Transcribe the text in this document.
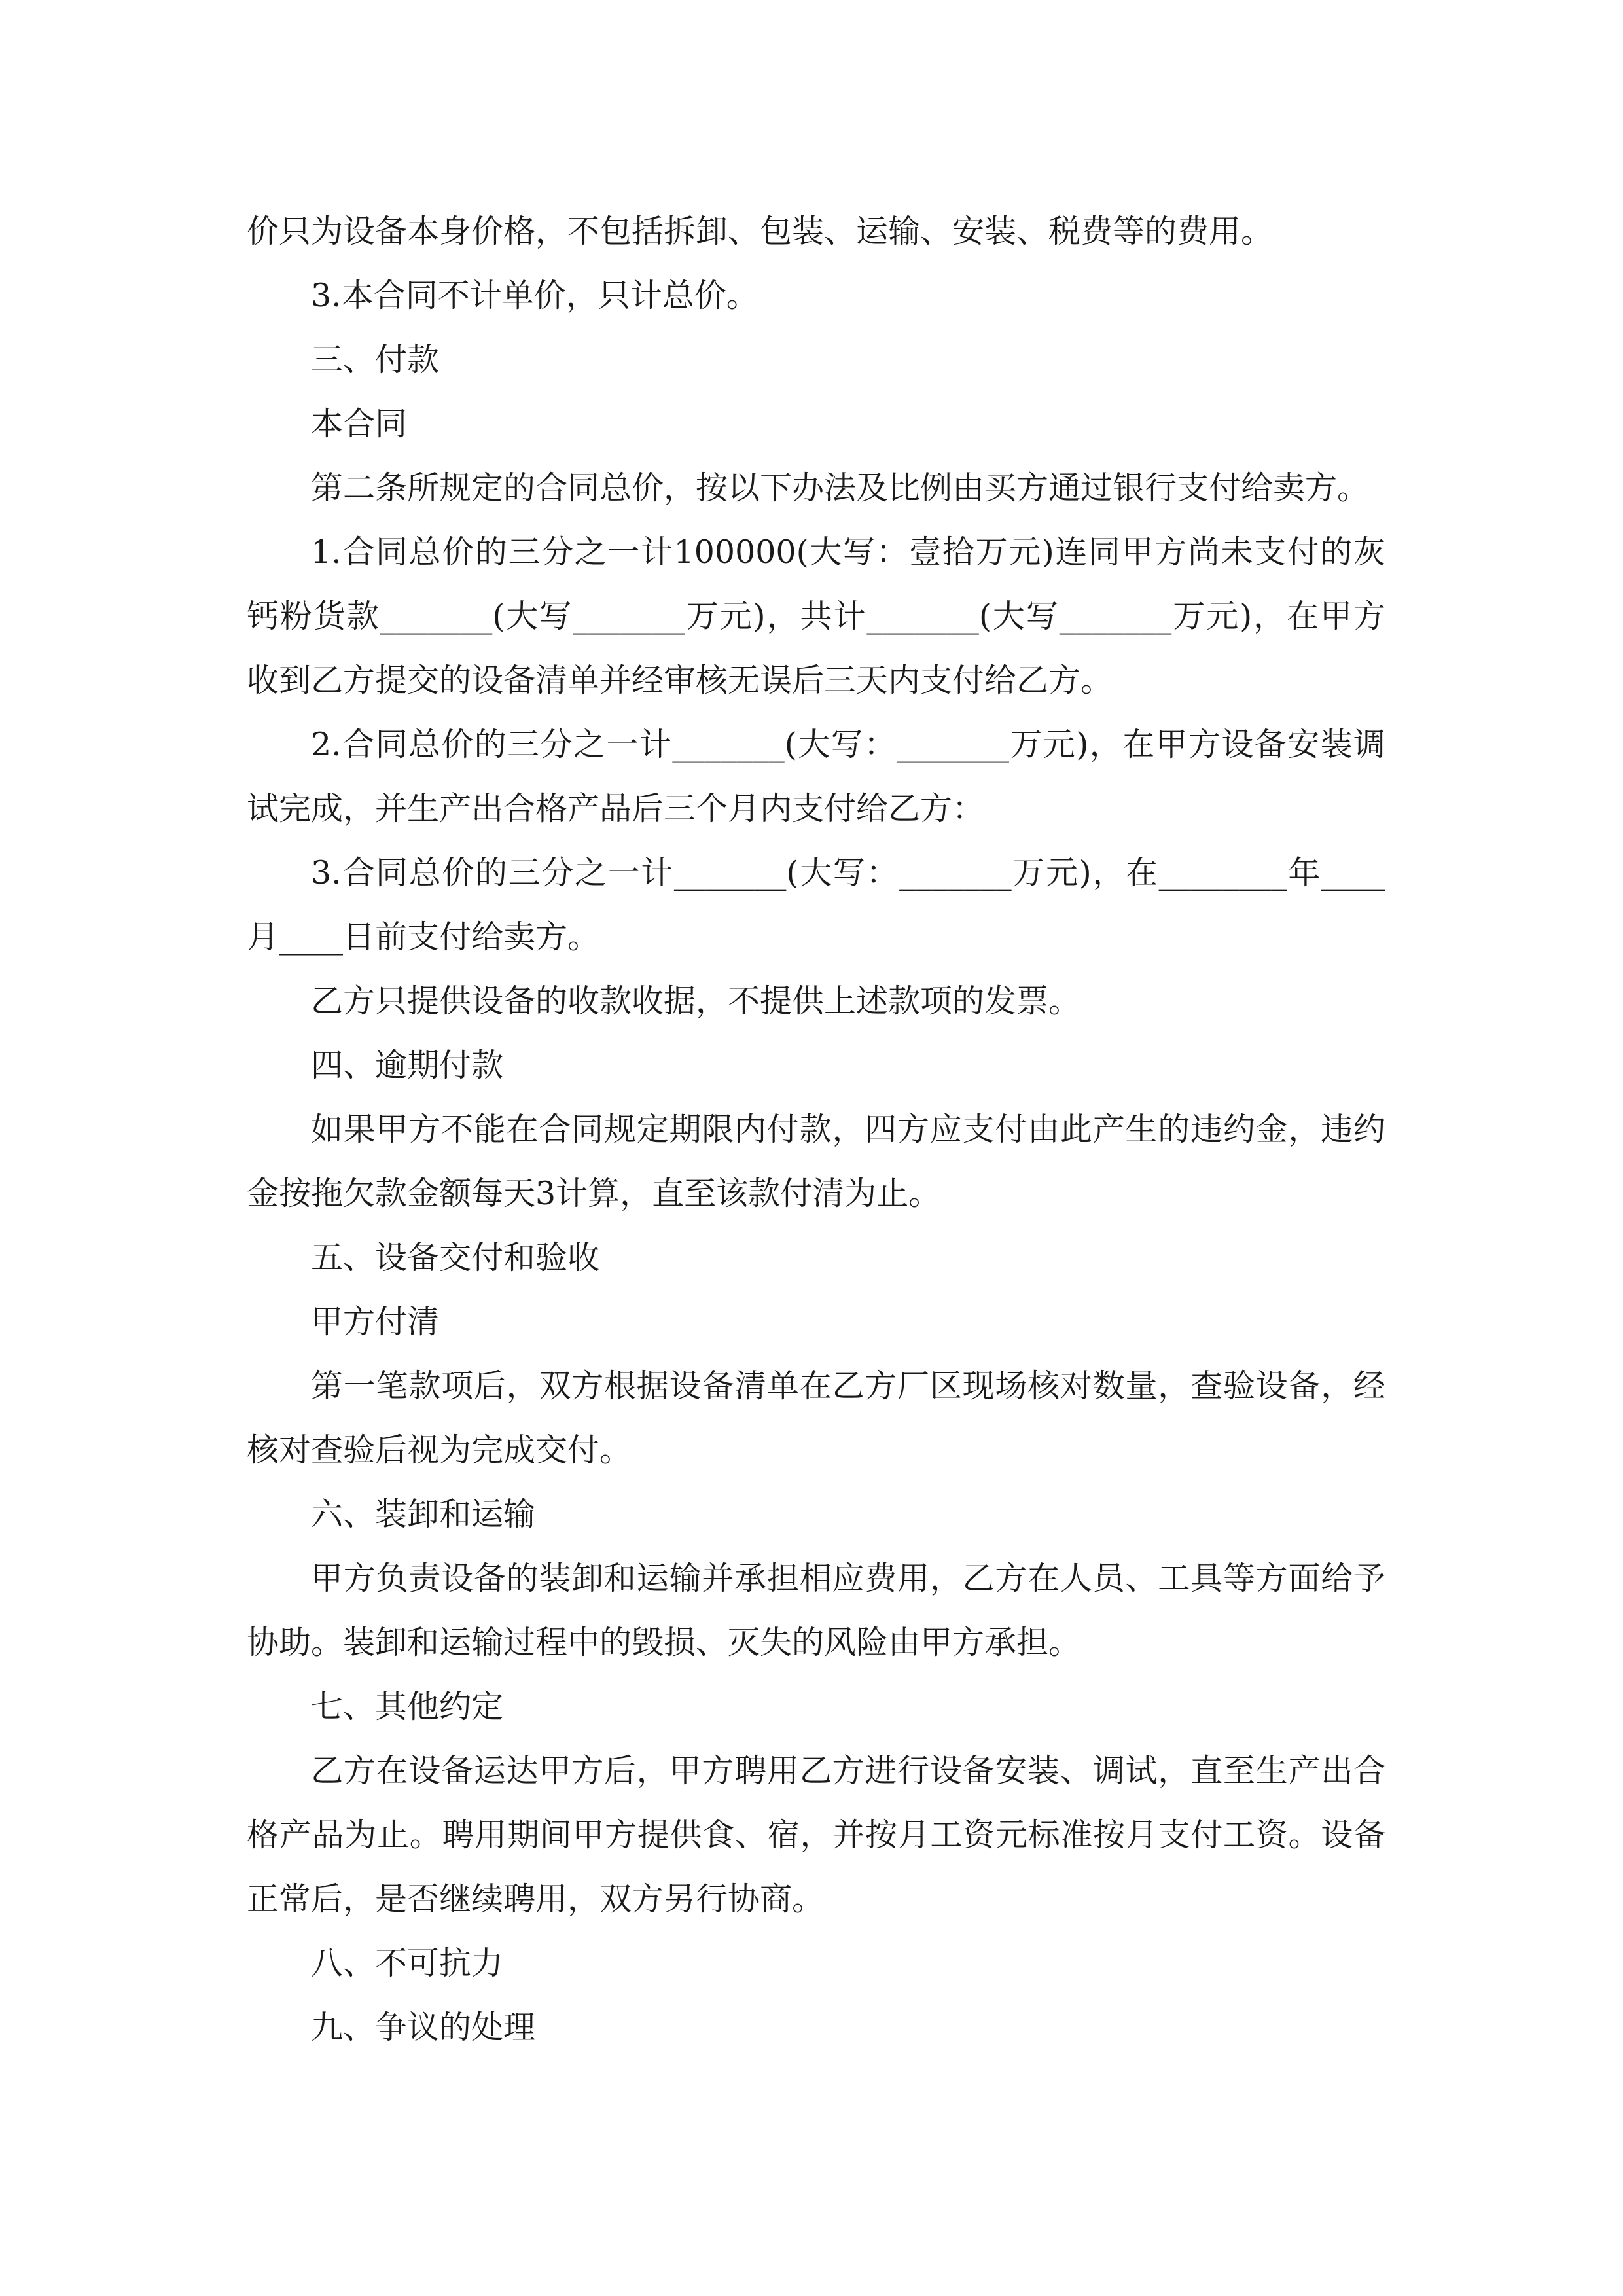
价只为设备本身价格，不包括拆卸、包装、运输、安装、税费等的费用。

3.本合同不计单价，只计总价。

三、付款

本合同

第二条所规定的合同总价，按以下办法及比例由买方通过银行支付给卖方。

1.合同总价的三分之一计100000(大写：壹拾万元)连同甲方尚未支付的灰钙粉货款_______(大写_______万元)，共计_______(大写_______万元)，在甲方收到乙方提交的设备清单并经审核无误后三天内支付给乙方。

2.合同总价的三分之一计_______(大写：_______万元)，在甲方设备安装调试完成，并生产出合格产品后三个月内支付给乙方：

3.合同总价的三分之一计_______(大写：_______万元)，在________年____月____日前支付给卖方。

乙方只提供设备的收款收据，不提供上述款项的发票。

四、逾期付款

如果甲方不能在合同规定期限内付款，四方应支付由此产生的违约金，违约金按拖欠款金额每天3计算，直至该款付清为止。

五、设备交付和验收

甲方付清

第一笔款项后，双方根据设备清单在乙方厂区现场核对数量，查验设备，经核对查验后视为完成交付。

六、装卸和运输

甲方负责设备的装卸和运输并承担相应费用，乙方在人员、工具等方面给予协助。装卸和运输过程中的毁损、灭失的风险由甲方承担。

七、其他约定

乙方在设备运达甲方后，甲方聘用乙方进行设备安装、调试，直至生产出合格产品为止。聘用期间甲方提供食、宿，并按月工资元标准按月支付工资。设备正常后，是否继续聘用，双方另行协商。

八、不可抗力

九、争议的处理
